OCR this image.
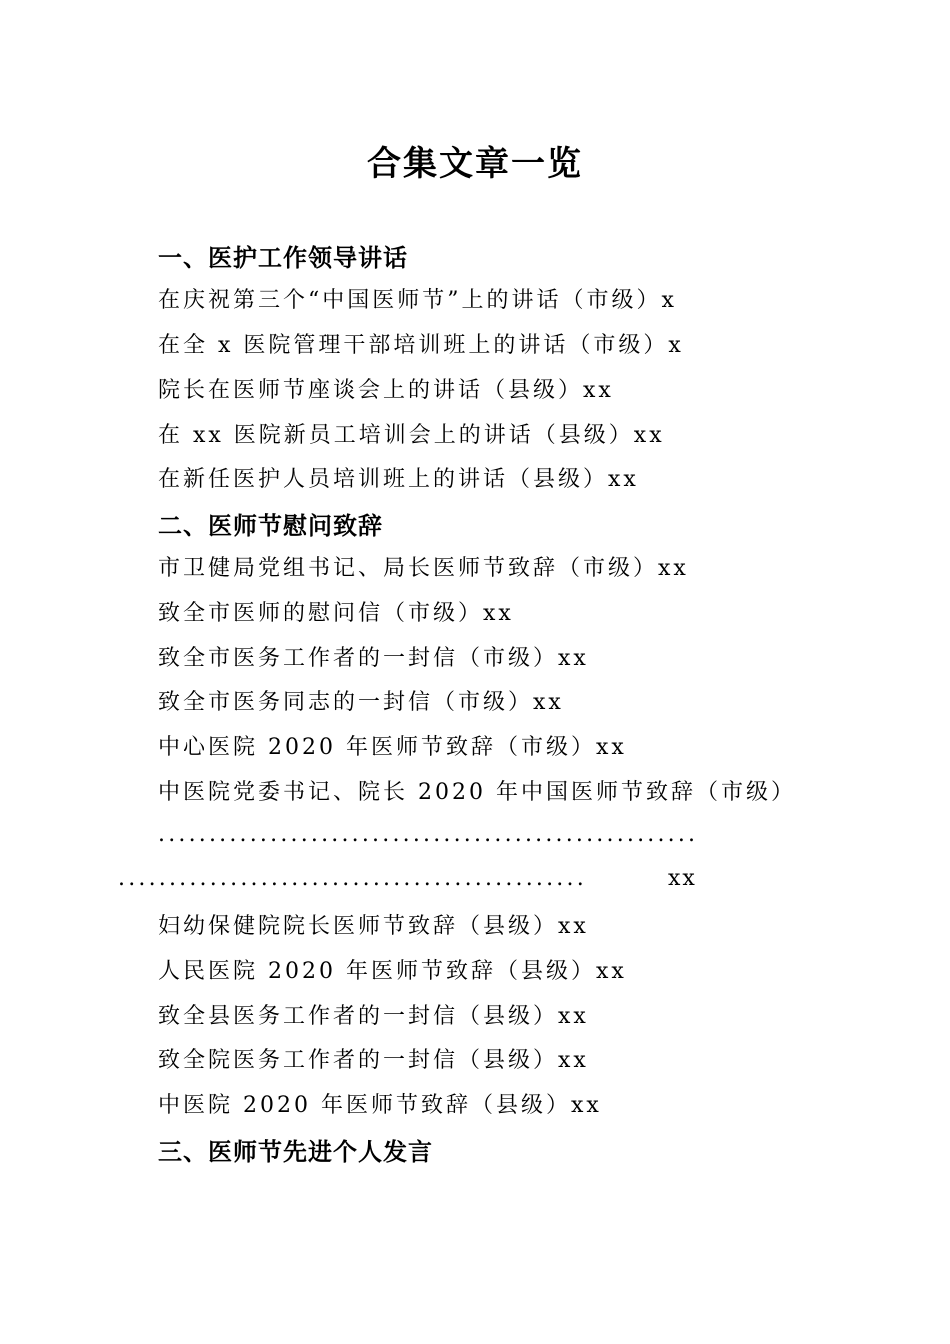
合集文章一览
一、医护工作领导讲话
在庆祝第三个“中国医师节”上的讲话（市级）x
在全 x 医院管理干部培训班上的讲话（市级）x
院长在医师节座谈会上的讲话（县级）xx
在 xx 医院新员工培训会上的讲话（县级）xx
在新任医护人员培训班上的讲话（县级）xx
二、医师节慰问致辞
市卫健局党组书记、局长医师节致辞（市级）xx
致全市医师的慰问信（市级）xx
致全市医务工作者的一封信（市级）xx
致全市医务同志的一封信（市级）xx
中心医院 2020 年医师节致辞（市级）xx
中医院党委书记、院长 2020 年中国医师节致辞（市级）
.....................................................
..............................................	xx
妇幼保健院院长医师节致辞（县级）xx
人民医院 2020 年医师节致辞（县级）xx
致全县医务工作者的一封信（县级）xx
致全院医务工作者的一封信（县级）xx
中医院 2020 年医师节致辞（县级）xx
三、医师节先进个人发言
